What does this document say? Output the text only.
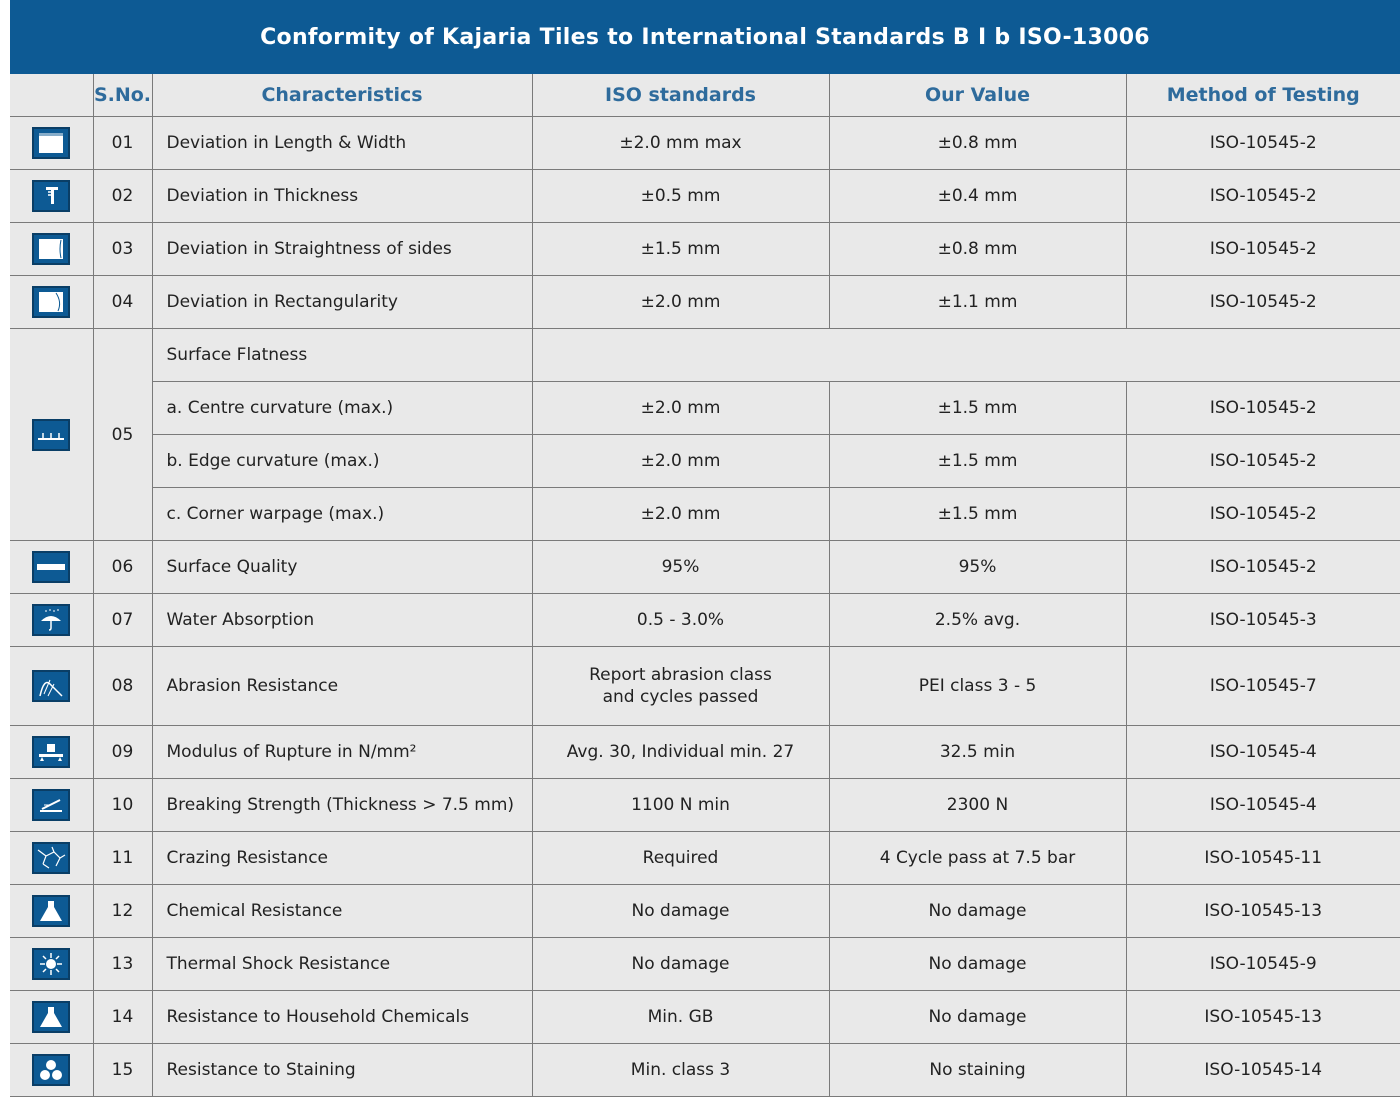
Conformity of Kajaria Tiles to International Standards B I b ISO-13006
	S.No.	Characteristics	ISO standards	Our Value	Method of Testing

	01	Deviation in Length & Width	±2.0 mm max	±0.8 mm	ISO-10545-2

	02	Deviation in Thickness	±0.5 mm	±0.4 mm	ISO-10545-2

	03	Deviation in Straightness of sides	±1.5 mm	±0.8 mm	ISO-10545-2

	04	Deviation in Rectangularity	±2.0 mm	±1.1 mm	ISO-10545-2

	05	Surface Flatness			
		a. Centre curvature (max.)	±2.0 mm	±1.5 mm	ISO-10545-2
		b. Edge curvature (max.)	±2.0 mm	±1.5 mm	ISO-10545-2
		c. Corner warpage (max.)	±2.0 mm	±1.5 mm	ISO-10545-2

	06	Surface Quality	95%	95%	ISO-10545-2

	07	Water Absorption	0.5 - 3.0%	2.5% avg.	ISO-10545-3

	08	Abrasion Resistance	Report abrasion class
and cycles passed	PEI class 3 - 5	ISO-10545-7

	09	Modulus of Rupture in N/mm²	Avg. 30, Individual min. 27	32.5 min	ISO-10545-4

	10	Breaking Strength (Thickness > 7.5 mm)	1100 N min	2300 N	ISO-10545-4

	11	Crazing Resistance	Required	4 Cycle pass at 7.5 bar	ISO-10545-11

	12	Chemical Resistance	No damage	No damage	ISO-10545-13

	13	Thermal Shock Resistance	No damage	No damage	ISO-10545-9

	14	Resistance to Household Chemicals	Min. GB	No damage	ISO-10545-13

	15	Resistance to Staining	Min. class 3	No staining	ISO-10545-14
